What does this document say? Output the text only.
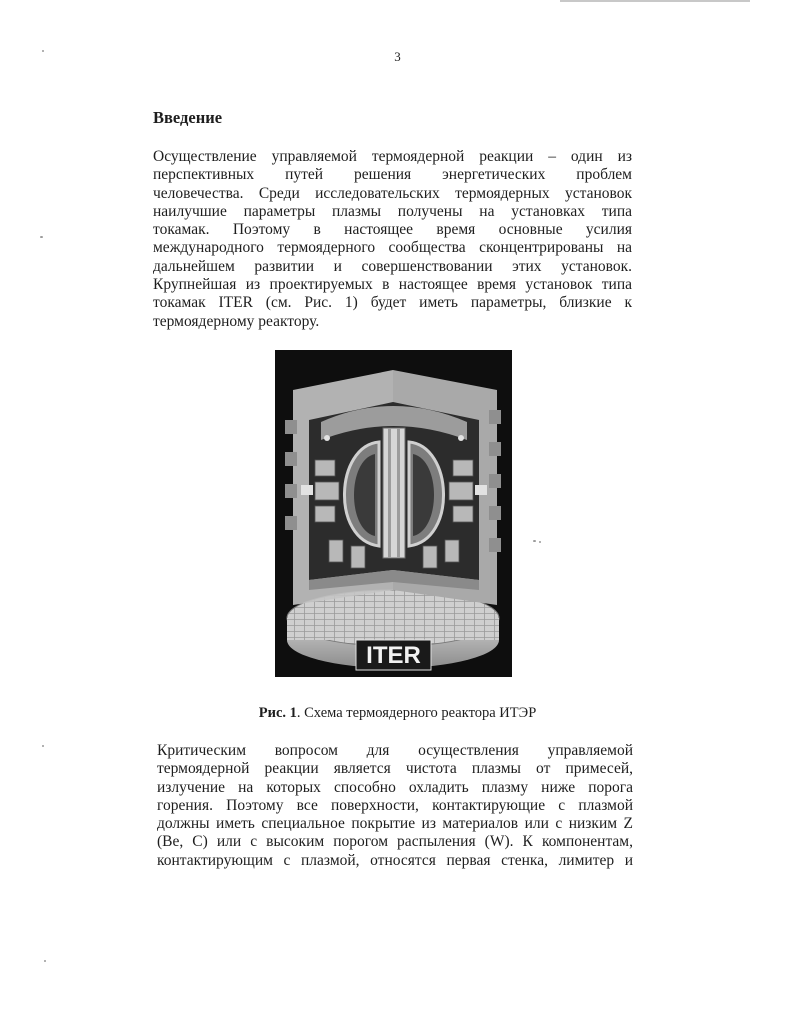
3
Введение
Осуществление управляемой термоядерной реакции – один из
перспективных путей решения энергетических проблем
человечества. Среди исследовательских термоядерных установок
наилучшие параметры плазмы получены на установках типа
токамак. Поэтому в настоящее время основные усилия
международного термоядерного сообщества сконцентрированы на
дальнейшем развитии и совершенствовании этих установок.
Крупнейшая из проектируемых в настоящее время установок типа
токамак ITER (см. Рис. 1) будет иметь параметры, близкие к
термоядерному реактору.
ITER
Рис. 1. Схема термоядерного реактора ИТЭР
Критическим вопросом для осуществления управляемой
термоядерной реакции является чистота плазмы от примесей,
излучение на которых способно охладить плазму ниже порога
горения. Поэтому все поверхности, контактирующие с плазмой
должны иметь специальное покрытие из материалов или с низким Z
(Be, C) или с высоким порогом распыления (W). К компонентам,
контактирующим с плазмой, относятся первая стенка, лимитер и
